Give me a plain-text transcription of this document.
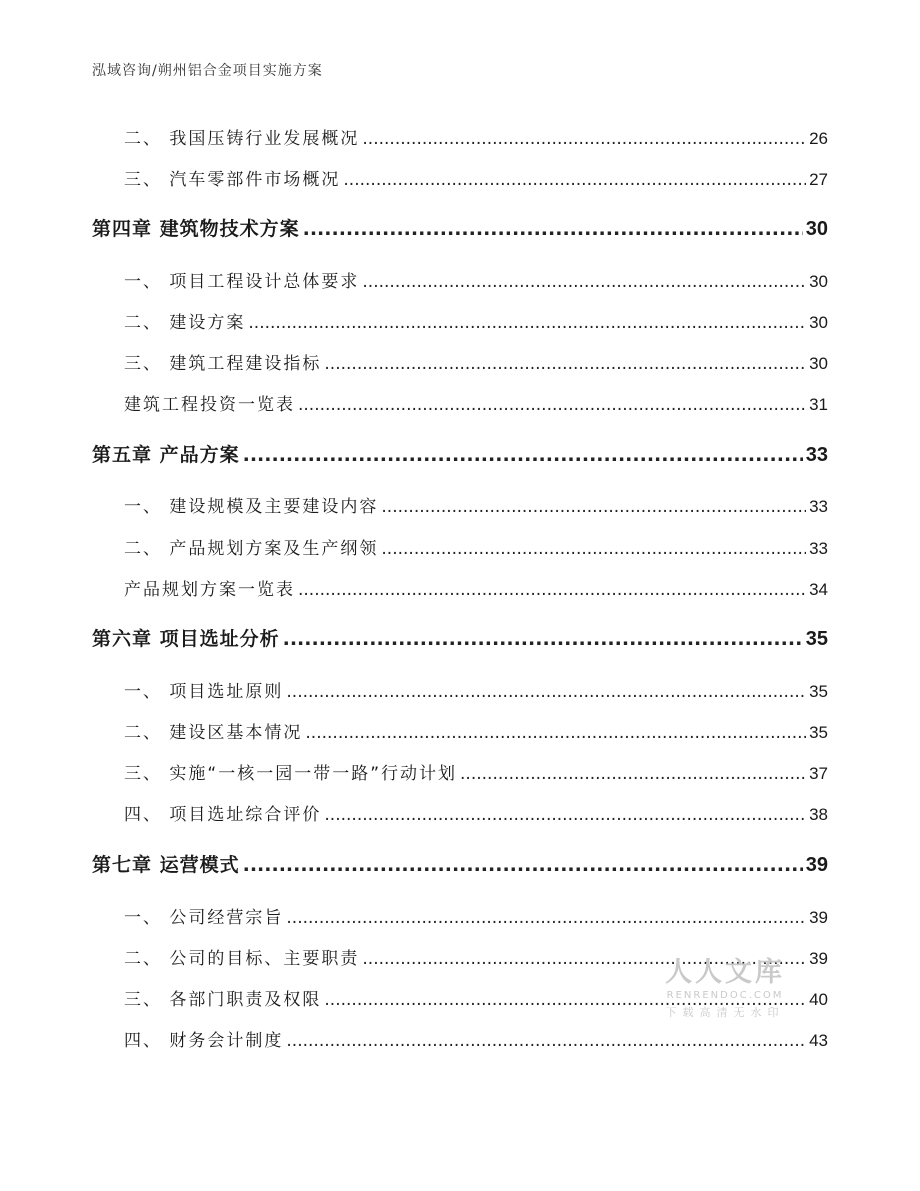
泓域咨询/朔州铝合金项目实施方案
二、 我国压铸行业发展概况 .....	26
三、 汽车零部件市场概况 .....	27
第四章 建筑物技术方案 .....	30
一、 项目工程设计总体要求 .....	30
二、 建设方案 .....	30
三、 建筑工程建设指标 .....	30
建筑工程投资一览表 .....	31
第五章 产品方案 .....	33
一、 建设规模及主要建设内容 .....	33
二、 产品规划方案及生产纲领 .....	33
产品规划方案一览表 .....	34
第六章 项目选址分析 .....	35
一、 项目选址原则 .....	35
二、 建设区基本情况 .....	35
三、 实施“一核一园一带一路”行动计划 .....	37
四、 项目选址综合评价 .....	38
第七章 运营模式 .....	39
一、 公司经营宗旨 .....	39
二、 公司的目标、主要职责 .....	39
三、 各部门职责及权限 .....	40
四、 财务会计制度 .....	43
人人文库
RENRENDOC.COM
下载高清无水印
